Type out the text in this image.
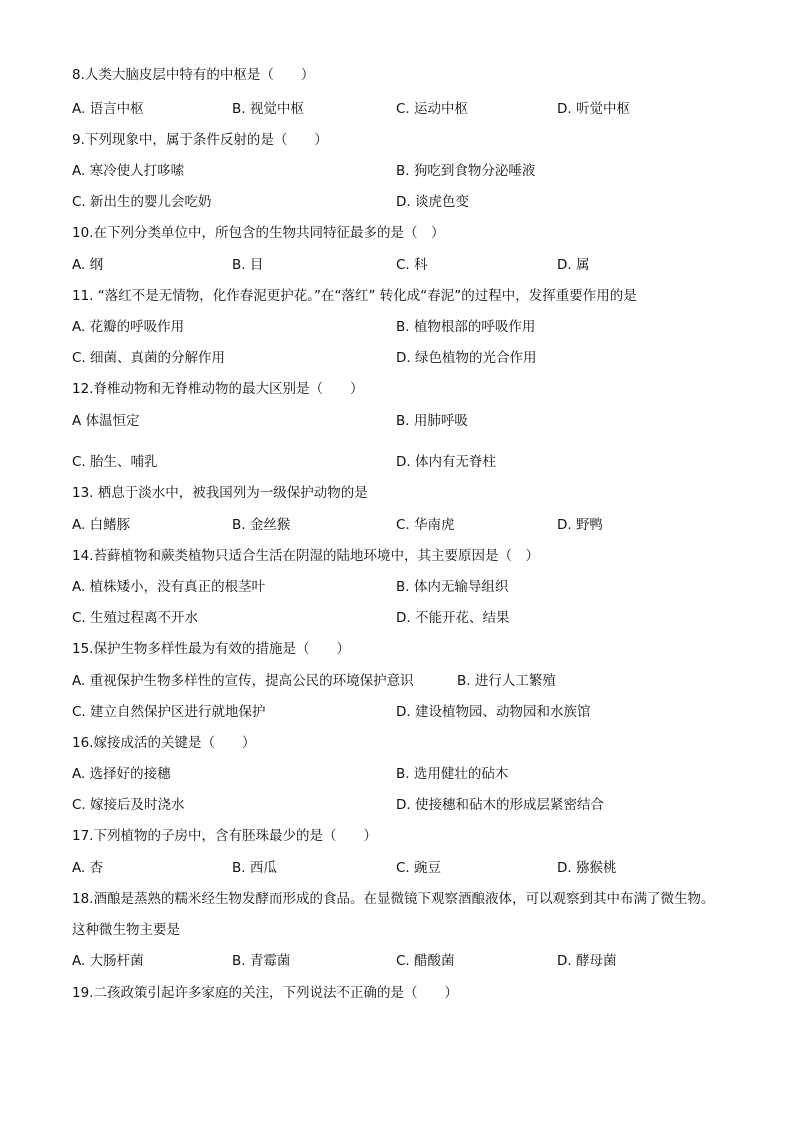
8.人类大脑皮层中特有的中枢是（　　）
A. 语言中枢	B. 视觉中枢	C. 运动中枢	D. 听觉中枢
9.下列现象中，属于条件反射的是（　　）
A. 寒冷使人打哆嗦	B. 狗吃到食物分泌唾液
C. 新出生的婴儿会吃奶	D. 谈虎色变
10.在下列分类单位中，所包含的生物共同特征最多的是（　）
A. 纲	B. 目	C. 科	D. 属
11. “落红不是无情物，化作春泥更护花。”在“落红” 转化成“春泥”的过程中，发挥重要作用的是
A. 花瓣的呼吸作用	B. 植物根部的呼吸作用
C. 细菌、真菌的分解作用	D. 绿色植物的光合作用
12.脊椎动物和无脊椎动物的最大区别是（　　）
A 体温恒定	B. 用肺呼吸
C. 胎生、哺乳	D. 体内有无脊柱
13. 栖息于淡水中，被我国列为一级保护动物的是
A. 白鳍豚	B. 金丝猴	C. 华南虎	D. 野鸭
14.苔藓植物和蕨类植物只适合生活在阴湿的陆地环境中，其主要原因是（　）
A. 植株矮小，没有真正的根茎叶	B. 体内无输导组织
C. 生殖过程离不开水	D. 不能开花、结果
15.保护生物多样性最为有效的措施是（　　）
A. 重视保护生物多样性的宣传，提高公民的环境保护意识	B. 进行人工繁殖
C. 建立自然保护区进行就地保护	D. 建设植物园、动物园和水族馆
16.嫁接成活的关键是（　　）
A. 选择好的接穗	B. 选用健壮的砧木
C. 嫁接后及时浇水	D. 使接穗和砧木的形成层紧密结合
17.下列植物的子房中，含有胚珠最少的是（　　）
A. 杏	B. 西瓜	C. 豌豆	D. 猕猴桃
18.酒酿是蒸熟的糯米经生物发酵而形成的食品。在显微镜下观察酒酿液体，可以观察到其中布满了微生物。
这种微生物主要是
A. 大肠杆菌	B. 青霉菌	C. 醋酸菌	D. 酵母菌
19.二孩政策引起许多家庭的关注，下列说法不正确的是（　　）
